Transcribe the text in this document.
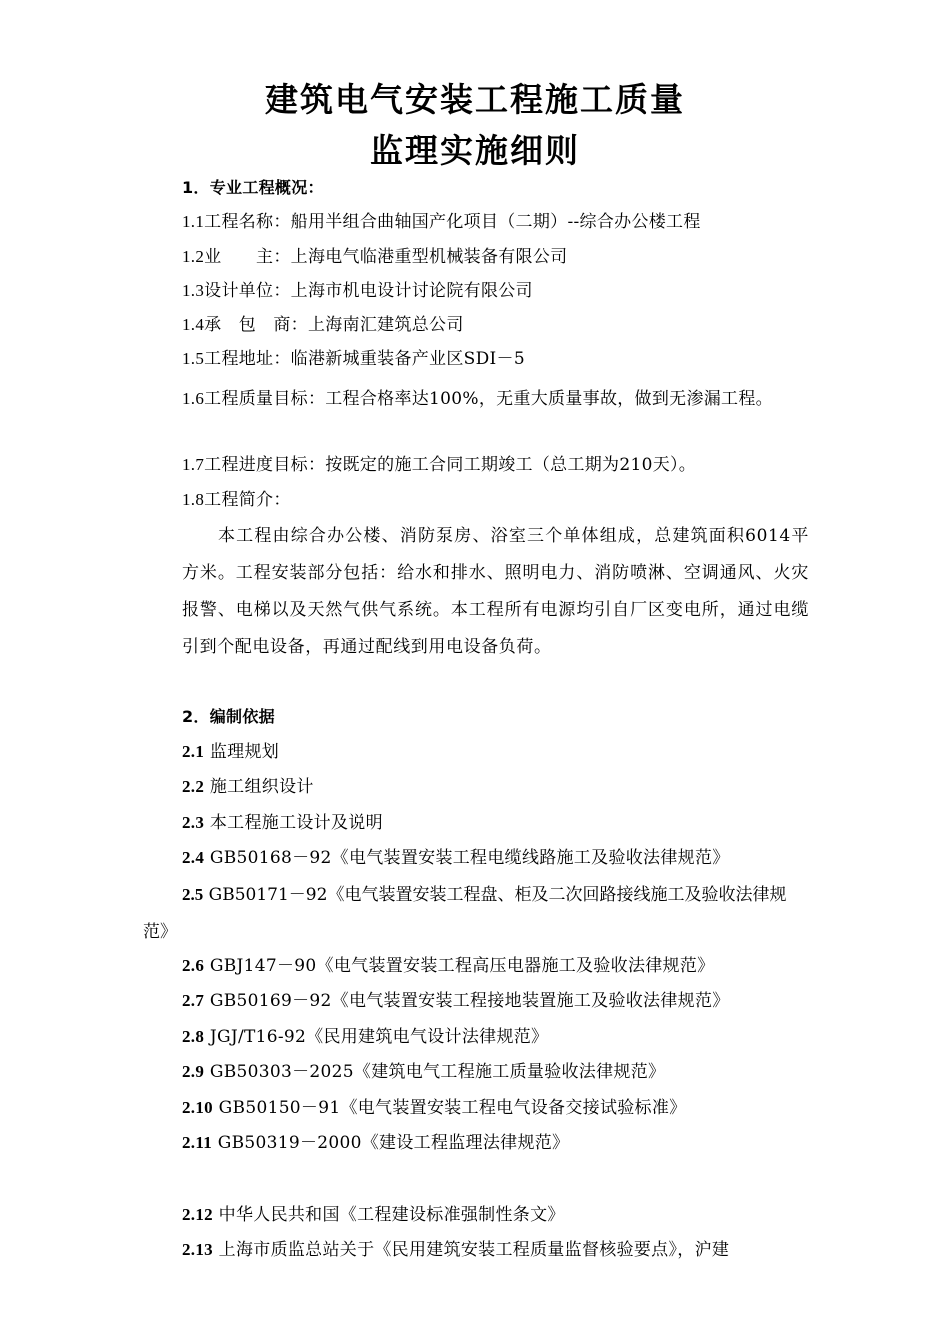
建筑电气安装工程施工质量
监理实施细则
1．专业工程概况：
1.1工程名称：船用半组合曲轴国产化项目（二期）--综合办公楼工程
1.2业　　主：上海电气临港重型机械装备有限公司
1.3设计单位：上海市机电设计讨论院有限公司
1.4承　包　商：上海南汇建筑总公司
1.5工程地址：临港新城重装备产业区SDI－5
1.6工程质量目标：工程合格率达100%，无重大质量事故，做到无渗漏工程。
1.7工程进度目标：按既定的施工合同工期竣工（总工期为210天）。
1.8工程简介：
本工程由综合办公楼、消防泵房、浴室三个单体组成，总建筑面积6014平方米。工程安装部分包括：给水和排水、照明电力、消防喷淋、空调通风、火灾报警、电梯以及天然气供气系统。本工程所有电源均引自厂区变电所，通过电缆引到个配电设备，再通过配线到用电设备负荷。
2．编制依据
2.1 监理规划
2.2 施工组织设计
2.3 本工程施工设计及说明
2.4 GB50168－92《电气装置安装工程电缆线路施工及验收法律规范》
2.5 GB50171－92《电气装置安装工程盘、柜及二次回路接线施工及验收法律规范》
2.6 GBJ147－90《电气装置安装工程高压电器施工及验收法律规范》
2.7 GB50169－92《电气装置安装工程接地装置施工及验收法律规范》
2.8 JGJ/T16-92《民用建筑电气设计法律规范》
2.9 GB50303－2025《建筑电气工程施工质量验收法律规范》
2.10 GB50150－91《电气装置安装工程电气设备交接试验标准》
2.11 GB50319－2000《建设工程监理法律规范》
2.12 中华人民共和国《工程建设标准强制性条文》
2.13 上海市质监总站关于《民用建筑安装工程质量监督核验要点》，沪建
